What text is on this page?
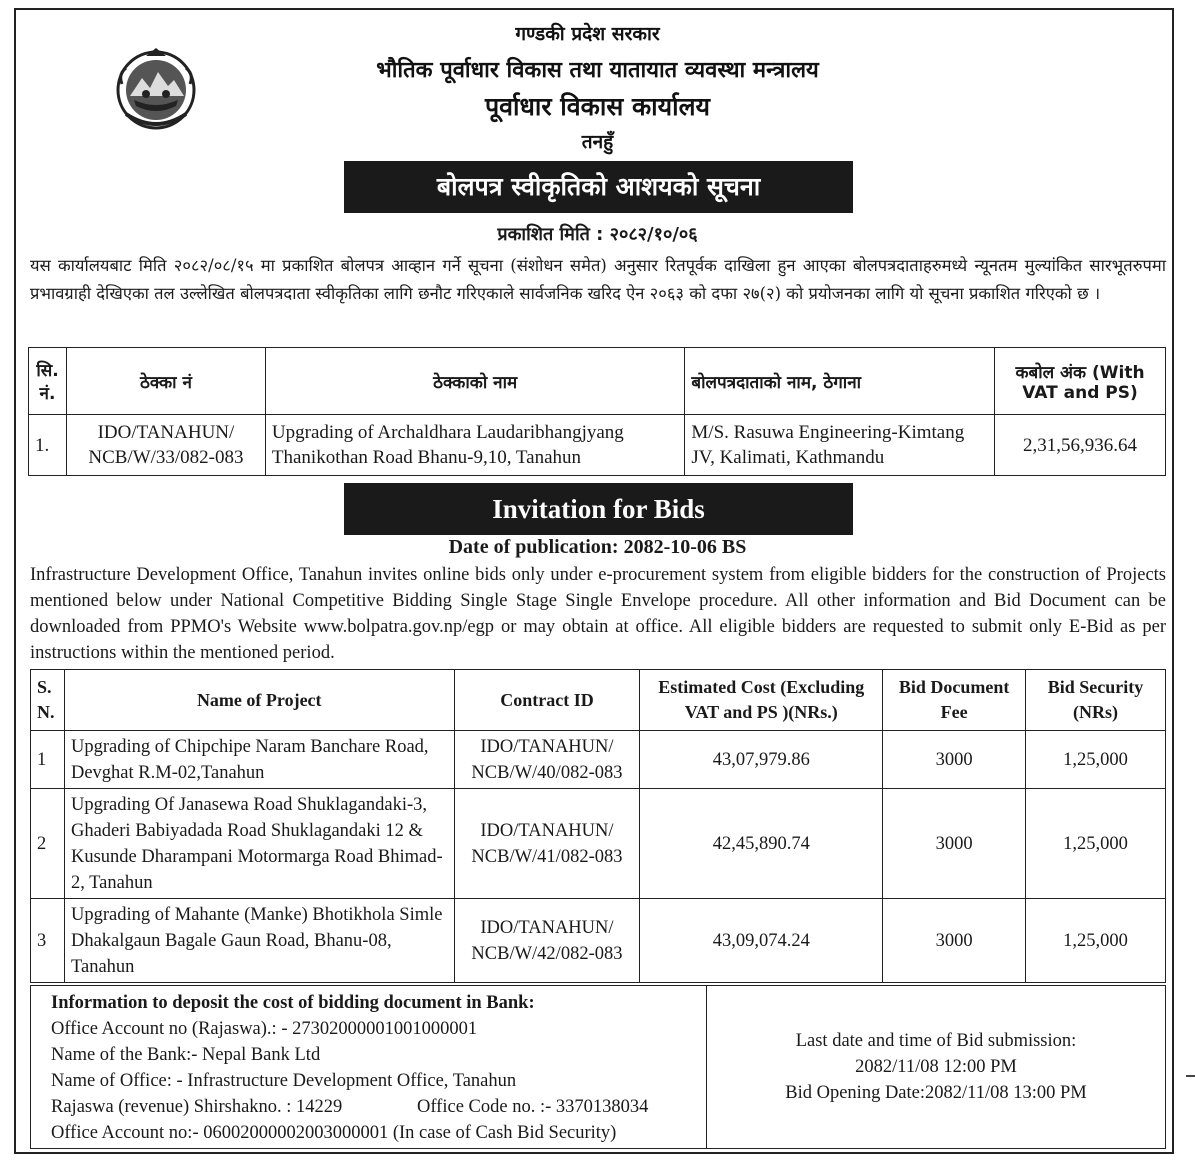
गण्डकी प्रदेश सरकार
भौतिक पूर्वाधार विकास तथा यातायात व्यवस्था मन्त्रालय
पूर्वाधार विकास कार्यालय
तनहुँ
बोलपत्र स्वीकृतिको आशयको सूचना
प्रकाशित मिति : २०८२/१०/०६
यस कार्यालयबाट मिति २०८२/०८/१५ मा प्रकाशित बोलपत्र आव्हान गर्ने सूचना (संशोधन समेत) अनुसार रितपूर्वक दाखिला हुन आएका बोलपत्रदाताहरुमध्ये न्यूनतम मुल्यांकित सारभूतरुपमा प्रभावग्राही देखिएका तल उल्लेखित बोलपत्रदाता स्वीकृतिका लागि छनौट गरिएकाले सार्वजनिक खरिद ऐन २०६३ को दफा २७(२) को प्रयोजनका लागि यो सूचना प्रकाशित गरिएको छ ।
सि. नं.	ठेक्का नं	ठेक्काको नाम	बोलपत्रदाताको नाम, ठेगाना	कबोल अंक (With VAT and PS)
1.	IDO/TANAHUN/ NCB/W/33/082-083	Upgrading of Archaldhara Laudaribhangjyang Thanikothan Road Bhanu-9,10, Tanahun	M/S. Rasuwa Engineering-Kimtang JV, Kalimati, Kathmandu	2,31,56,936.64
Invitation for Bids
Date of publication: 2082-10-06 BS
Infrastructure Development Office, Tanahun invites online bids only under e-procurement system from eligible bidders for the construction of Projects mentioned below under National Competitive Bidding Single Stage Single Envelope procedure. All other information and Bid Document can be downloaded from PPMO's Website www.bolpatra.gov.np/egp or may obtain at office. All eligible bidders are requested to submit only E-Bid as per instructions within the mentioned period.
S. N.	Name of Project	Contract ID	Estimated Cost (Excluding VAT and PS )(NRs.)	Bid Document Fee	Bid Security (NRs)
1	Upgrading of Chipchipe Naram Banchare Road, Devghat R.M-02,Tanahun	IDO/TANAHUN/ NCB/W/40/082-083	43,07,979.86	3000	1,25,000
2	Upgrading Of Janasewa Road Shuklagandaki-3, Ghaderi Babiyadada Road Shuklagandaki 12 & Kusunde Dharampani Motormarga Road Bhimad-2, Tanahun	IDO/TANAHUN/ NCB/W/41/082-083	42,45,890.74	3000	1,25,000
3	Upgrading of Mahante (Manke) Bhotikhola Simle Dhakalgaun Bagale Gaun Road, Bhanu-08, Tanahun	IDO/TANAHUN/ NCB/W/42/082-083	43,09,074.24	3000	1,25,000
Information to deposit the cost of bidding document in Bank:
Office Account no (Rajaswa).: - 27302000001001000001
Name of the Bank:- Nepal Bank Ltd
Name of Office: - Infrastructure Development Office, Tanahun
Rajaswa (revenue) Shirshakno. : 14229	Office Code no. :- 3370138034
Office Account no:- 06002000002003000001 (In case of Cash Bid Security)
Last date and time of Bid submission:
2082/11/08 12:00 PM
Bid Opening Date:2082/11/08 13:00 PM
